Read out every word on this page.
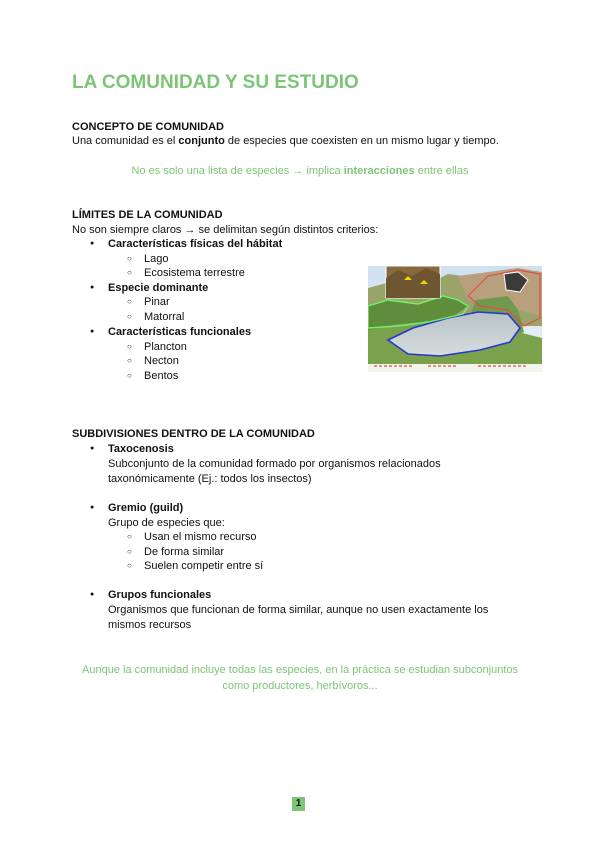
LA COMUNIDAD Y SU ESTUDIO
CONCEPTO DE COMUNIDAD
Una comunidad es el conjunto de especies que coexisten en un mismo lugar y tiempo.
No es solo una lista de especies → implica interacciones entre ellas
LÍMITES DE LA COMUNIDAD
No son siempre claros → se delimitan según distintos criterios:
Características físicas del hábitat
Lago
Ecosistema terrestre
Especie dominante
Pinar
Matorral
Características funcionales
Plancton
Necton
Bentos
SUBDIVISIONES DENTRO DE LA COMUNIDAD
Taxocenosis
Subconjunto de la comunidad formado por organismos relacionados
taxonómicamente (Ej.: todos los insectos)
Gremio (guild)
Grupo de especies que:
Usan el mismo recurso
De forma similar
Suelen competir entre sí
Grupos funcionales
Organismos que funcionan de forma similar, aunque no usen exactamente los
mismos recursos
Aunque la comunidad incluye todas las especies, en la práctica se estudian subconjuntos
como productores, herbívoros...
1
